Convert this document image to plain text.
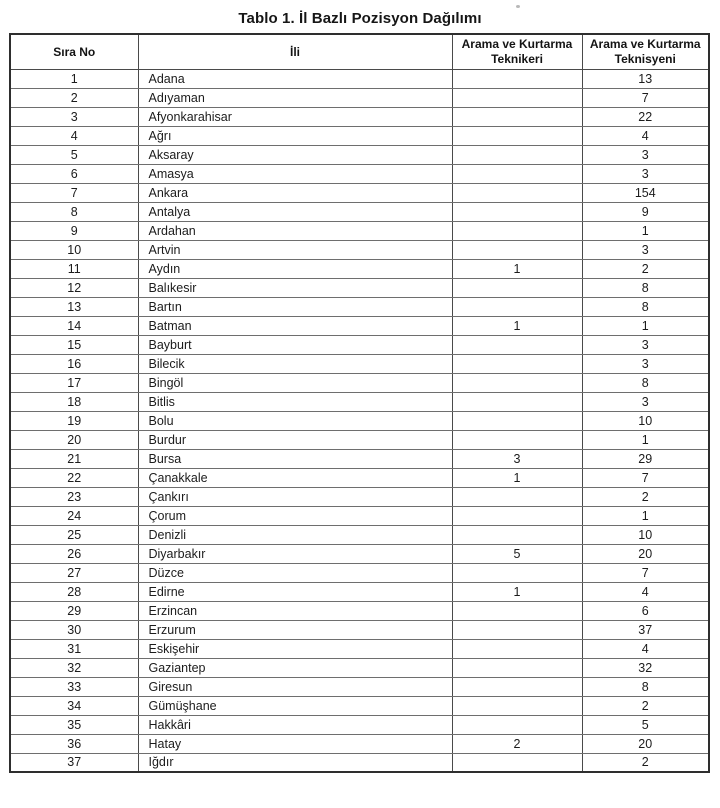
Tablo 1. İl Bazlı Pozisyon Dağılımı
Sıra No	İli	Arama ve Kurtarma Teknikeri	Arama ve Kurtarma Teknisyeni
1	Adana		13
2	Adıyaman		7
3	Afyonkarahisar		22
4	Ağrı		4
5	Aksaray		3
6	Amasya		3
7	Ankara		154
8	Antalya		9
9	Ardahan		1
10	Artvin		3
11	Aydın	1	2
12	Balıkesir		8
13	Bartın		8
14	Batman	1	1
15	Bayburt		3
16	Bilecik		3
17	Bingöl		8
18	Bitlis		3
19	Bolu		10
20	Burdur		1
21	Bursa	3	29
22	Çanakkale	1	7
23	Çankırı		2
24	Çorum		1
25	Denizli		10
26	Diyarbakır	5	20
27	Düzce		7
28	Edirne	1	4
29	Erzincan		6
30	Erzurum		37
31	Eskişehir		4
32	Gaziantep		32
33	Giresun		8
34	Gümüşhane		2
35	Hakkâri		5
36	Hatay	2	20
37	Iğdır		2
